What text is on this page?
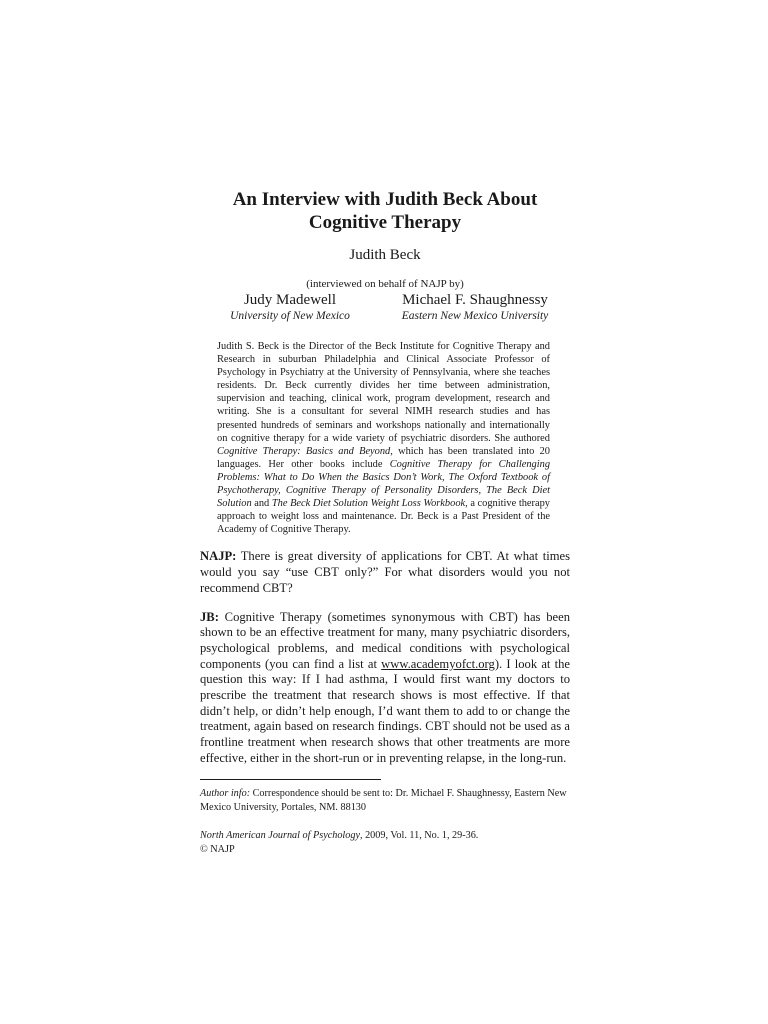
An Interview with Judith Beck About Cognitive Therapy
Judith Beck
(interviewed on behalf of NAJP by)
Judy Madewell
University of New Mexico
Michael F. Shaughnessy
Eastern New Mexico University

Judith S. Beck is the Director of the Beck Institute for Cognitive Therapy and Research in suburban Philadelphia and Clinical Associate Professor of Psychology in Psychiatry at the University of Pennsylvania, where she teaches residents. Dr. Beck currently divides her time between administration, supervision and teaching, clinical work, program development, research and writing. She is a consultant for several NIMH research studies and has presented hundreds of seminars and workshops nationally and internationally on cognitive therapy for a wide variety of psychiatric disorders. She authored Cognitive Therapy: Basics and Beyond, which has been translated into 20 languages. Her other books include Cognitive Therapy for Challenging Problems: What to Do When the Basics Don’t Work, The Oxford Textbook of Psychotherapy, Cognitive Therapy of Personality Disorders, The Beck Diet Solution and The Beck Diet Solution Weight Loss Workbook, a cognitive therapy approach to weight loss and maintenance. Dr. Beck is a Past President of the Academy of Cognitive Therapy.

NAJP: There is great diversity of applications for CBT. At what times would you say “use CBT only?” For what disorders would you not recommend CBT?

JB: Cognitive Therapy (sometimes synonymous with CBT) has been shown to be an effective treatment for many, many psychiatric disorders, psychological problems, and medical conditions with psychological components (you can find a list at www.academyofct.org). I look at the question this way: If I had asthma, I would first want my doctors to prescribe the treatment that research shows is most effective. If that didn’t help, or didn’t help enough, I’d want them to add to or change the treatment, again based on research findings. CBT should not be used as a frontline treatment when research shows that other treatments are more effective, either in the short-run or in preventing relapse, in the long-run.

Author info: Correspondence should be sent to: Dr. Michael F. Shaughnessy, Eastern New Mexico University, Portales, NM. 88130
North American Journal of Psychology, 2009, Vol. 11, No. 1, 29-36.
© NAJP
